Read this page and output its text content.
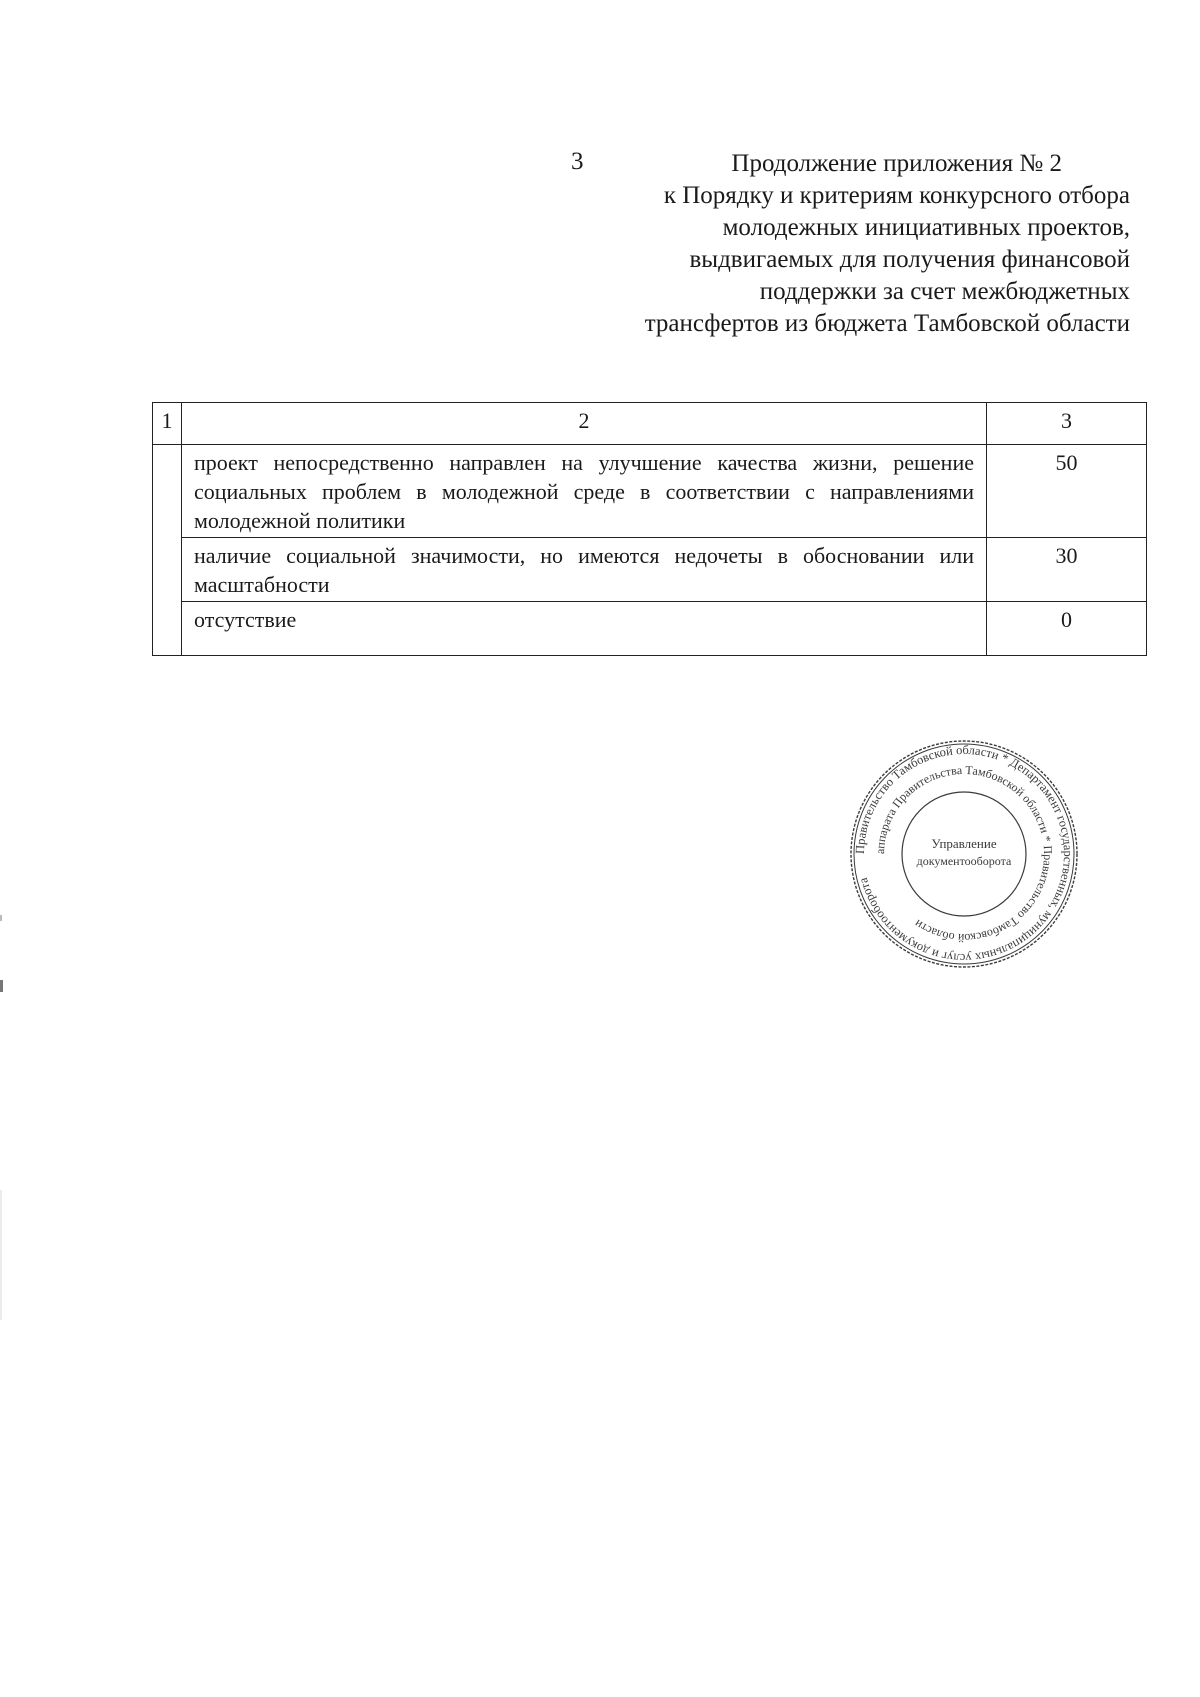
3	Продолжение приложения № 2
к Порядку и критериям конкурсного отбора
молодежных инициативных проектов,
выдвигаемых для получения финансовой
поддержки за счет межбюджетных
трансфертов из бюджета Тамбовской области
1	2	3
	проект непосредственно направлен на улучшение качества жизни, решение социальных проблем в молодежной среде в соответствии с направлениями молодежной политики	50
	наличие социальной значимости, но имеются недочеты в обосновании или масштабности	30
	отсутствие	0
Правительство Тамбовской области * Департамент государственных, муниципальных услуг и документооборота
аппарата Правительства Тамбовской области * Правительство Тамбовской области
Управление
документооборота
